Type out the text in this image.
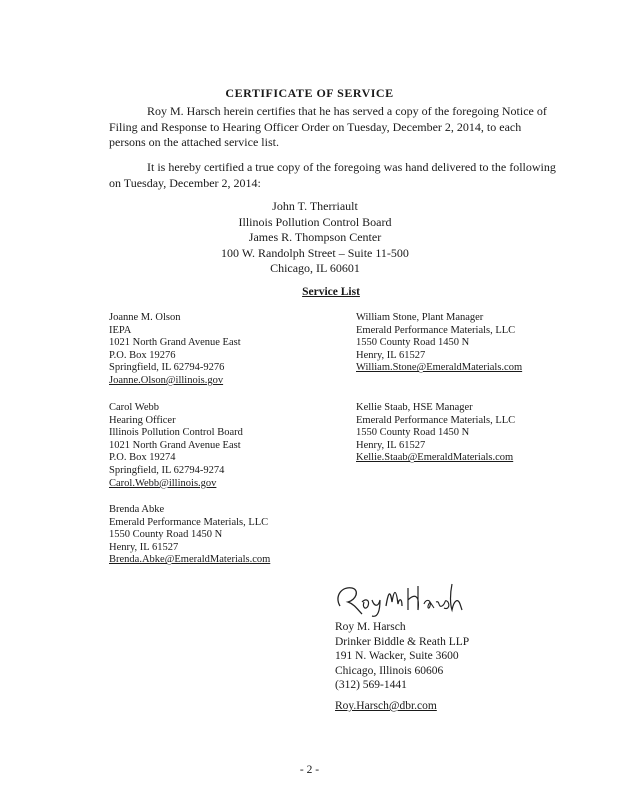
CERTIFICATE OF SERVICE
Roy M. Harsch herein certifies that he has served a copy of the foregoing Notice of Filing and Response to Hearing Officer Order on Tuesday, December 2, 2014, to each persons on the attached service list.
It is hereby certified a true copy of the foregoing was hand delivered to the following on Tuesday, December 2, 2014:
John T. Therriault
Illinois Pollution Control Board
James R. Thompson Center
100 W. Randolph Street – Suite 11-500
Chicago, IL 60601
Service List
Joanne M. Olson
IEPA
1021 North Grand Avenue East
P.O. Box 19276
Springfield, IL 62794-9276
Joanne.Olson@illinois.gov
Carol Webb
Hearing Officer
Illinois Pollution Control Board
1021 North Grand Avenue East
P.O. Box 19274
Springfield, IL 62794-9274
Carol.Webb@illinois.gov
Brenda Abke
Emerald Performance Materials, LLC
1550 County Road 1450 N
Henry, IL 61527
Brenda.Abke@EmeraldMaterials.com
William Stone, Plant Manager
Emerald Performance Materials, LLC
1550 County Road 1450 N
Henry, IL 61527
William.Stone@EmeraldMaterials.com
Kellie Staab, HSE Manager
Emerald Performance Materials, LLC
1550 County Road 1450 N
Henry, IL 61527
Kellie.Staab@EmeraldMaterials.com
Roy M. Harsch
Drinker Biddle & Reath LLP
191 N. Wacker, Suite 3600
Chicago, Illinois 60606
(312) 569-1441
Roy.Harsch@dbr.com
- 2 -
